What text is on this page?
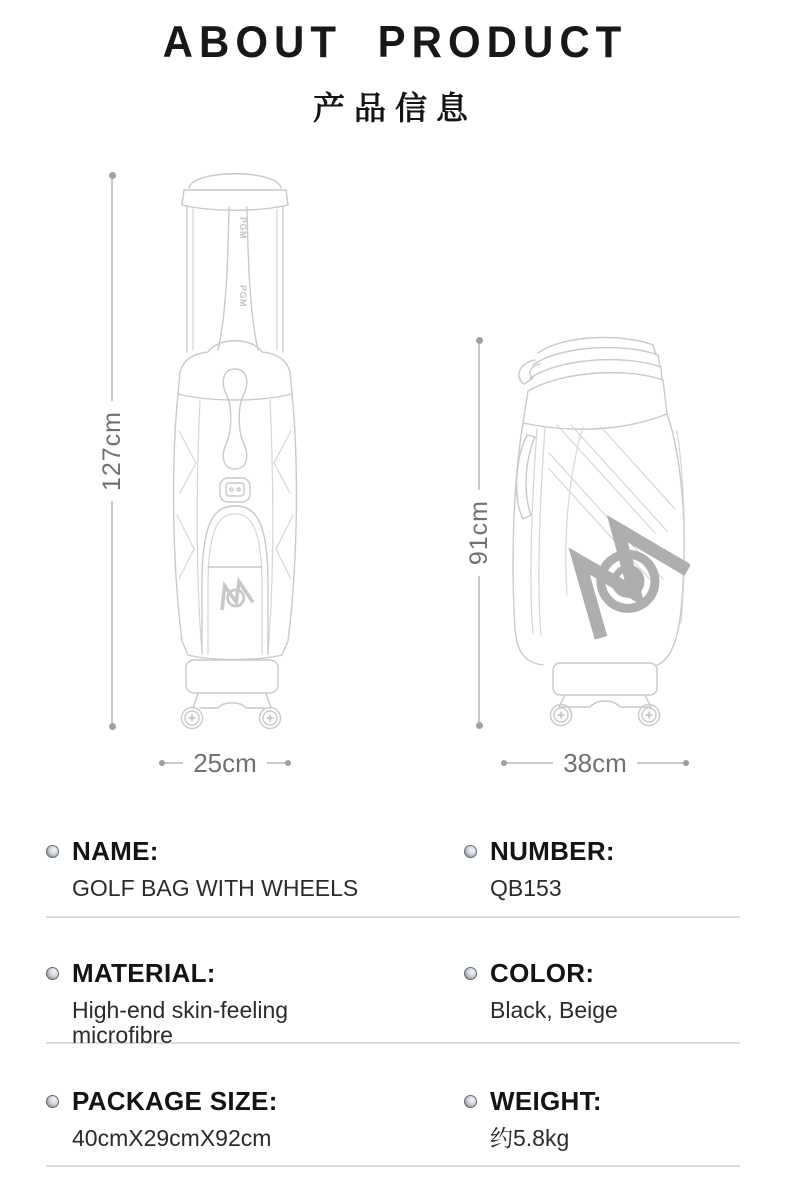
ABOUT PRODUCT
产品信息
127cm
PGM
PGM
25cm
91cm
38cm
NAME:
GOLF BAG WITH WHEELS
NUMBER:
QB153
MATERIAL:
High-end skin-feeling microfibre
COLOR:
Black, Beige
PACKAGE SIZE:
40cmX29cmX92cm
WEIGHT:
约5.8kg
